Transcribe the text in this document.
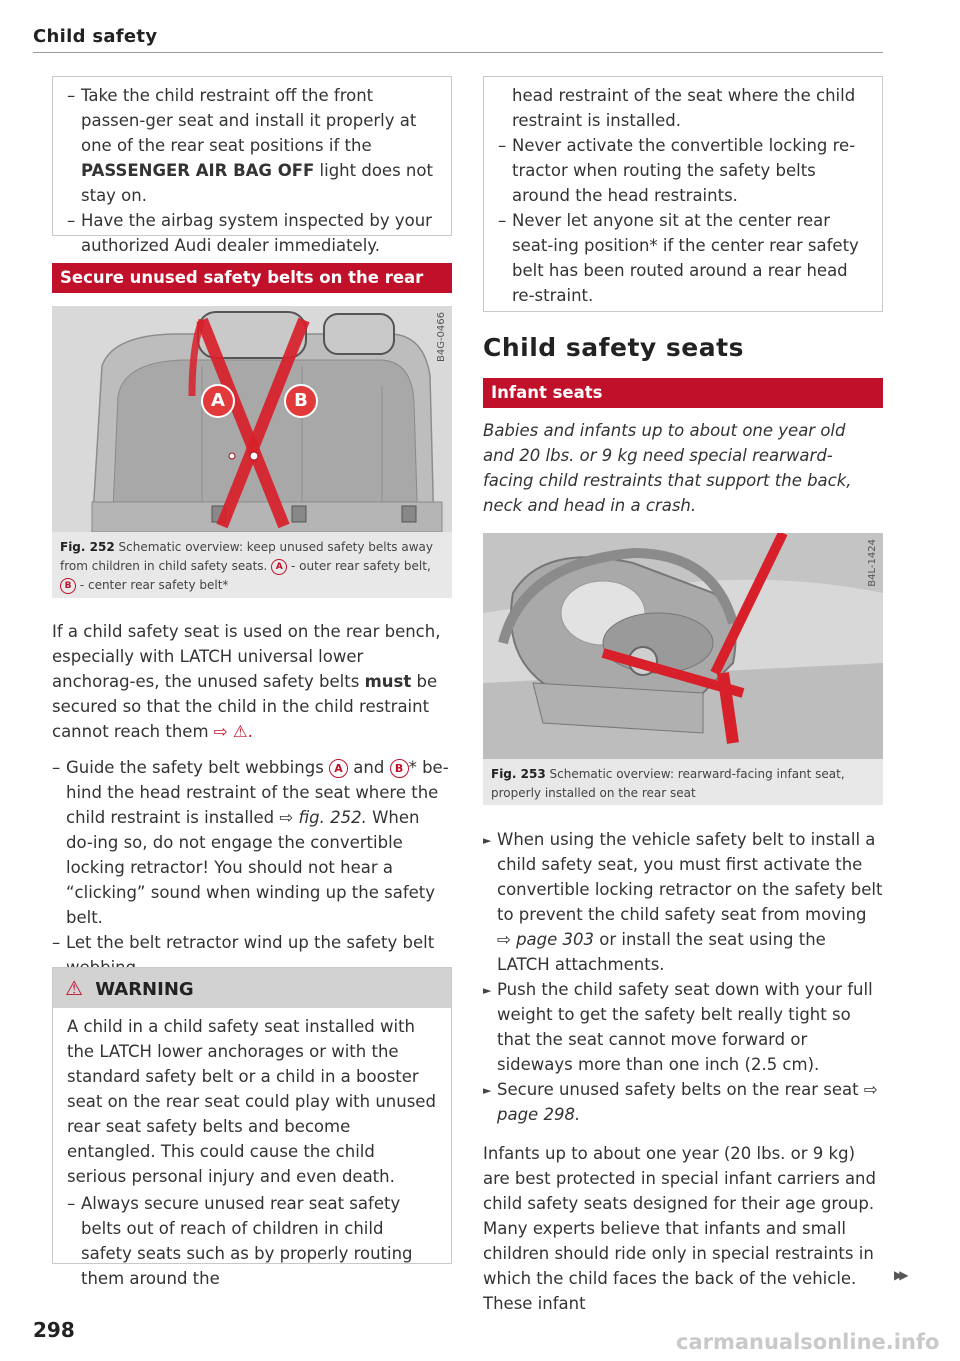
Child safety
– Take the child restraint off the front passen-ger seat and install it properly at one of the rear seat positions if the PASSENGER AIR BAG OFF light does not stay on.
– Have the airbag system inspected by your authorized Audi dealer immediately.
Secure unused safety belts on the rear
A	B
B4G-0466
Fig. 252 Schematic overview: keep unused safety belts away from children in child safety seats. A - outer rear safety belt, B - center rear safety belt*
If a child safety seat is used on the rear bench, especially with LATCH universal lower anchorag-es, the unused safety belts must be secured so that the child in the child restraint cannot reach them ⇨ ⚠.
– Guide the safety belt webbings A and B * be-hind the head restraint of the seat where the child restraint is installed ⇨ fig. 252. When do-ing so, do not engage the convertible locking retractor! You should not hear a “clicking” sound when winding up the safety belt.
– Let the belt retractor wind up the safety belt
⚠ WARNING
A child in a child safety seat installed with the LATCH lower anchorages or with the standard safety belt or a child in a booster seat on the rear seat could play with unused rear seat safety belts and become entangled. This could cause the child serious personal injury and even death.
– Always secure unused rear seat safety belts out of reach of children in child safety seats such as by properly routing them around the
298
head restraint of the seat where the child restraint is installed.
– Never activate the convertible locking re-tractor when routing the safety belts around the head restraints.
– Never let anyone sit at the center rear seat-ing position* if the center rear safety belt has been routed around a rear head re-straint.
Child safety seats
Infant seats
Babies and infants up to about one year old and 20 lbs. or 9 kg need special rearward-facing child restraints that support the back, neck and head in a crash.
B4L-1424
Fig. 253 Schematic overview: rearward-facing infant seat, properly installed on the rear seat
► When using the vehicle safety belt to install a child safety seat, you must first activate the convertible locking retractor on the safety belt to prevent the child safety seat from moving ⇨ page 303 or install the seat using the LATCH attachments.
► Push the child safety seat down with your full weight to get the safety belt really tight so that the seat cannot move forward or sideways more than one inch (2.5 cm).
► Secure unused safety belts on the rear seat ⇨ page 298.
Infants up to about one year (20 lbs. or 9 kg) are best protected in special infant carriers and child safety seats designed for their age group. Many experts believe that infants and small children should ride only in special restraints in which the child faces the back of the vehicle. These infant
▶▶
carmanualsonline.info
